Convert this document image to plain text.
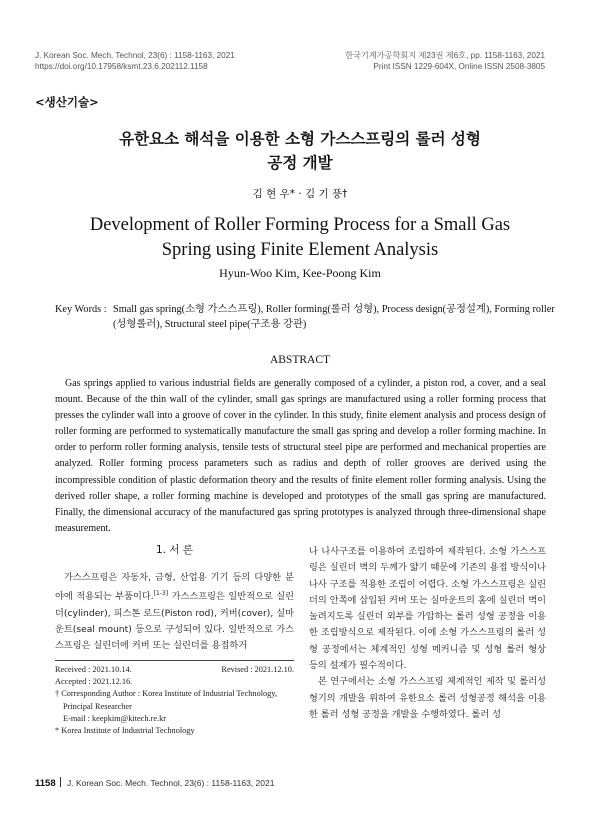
J. Korean Soc. Mech. Technol, 23(6) : 1158-1163, 2021
https://doi.org/10.17958/ksmt.23.6.202112.1158
한국기계가공학회지 제23권 제6호, pp. 1158-1163, 2021
Print ISSN 1229-604X, Online ISSN 2508-3805
<생산기술>
유한요소 해석을 이용한 소형 가스스프링의 롤러 성형
공정 개발
김 현 우* · 김 기 풍†
Development of Roller Forming Process for a Small Gas
Spring using Finite Element Analysis
Hyun-Woo Kim, Kee-Poong Kim
Key Words : Small gas spring(소형 가스스프링), Roller forming(롤러 성형), Process design(공정설계), Forming roller (성형롤러), Structural steel pipe(구조용 강관)
ABSTRACT
Gas springs applied to various industrial fields are generally composed of a cylinder, a piston rod, a cover, and a seal mount. Because of the thin wall of the cylinder, small gas springs are manufactured using a roller forming process that presses the cylinder wall into a groove of cover in the cylinder. In this study, finite element analysis and process design of roller forming are performed to systematically manufacture the small gas spring and develop a roller forming machine. In order to perform roller forming analysis, tensile tests of structural steel pipe are performed and mechanical properties are analyzed. Roller forming process parameters such as radius and depth of roller grooves are derived using the incompressible condition of plastic deformation theory and the results of finite element roller forming analysis. Using the derived roller shape, a roller forming machine is developed and prototypes of the small gas spring are manufactured. Finally, the dimensional accuracy of the manufactured gas spring prototypes is analyzed through three-dimensional shape measurement.
1. 서 론

가스스프링은 자동차, 금형, 산업용 기기 등의 다양한 분야에 적용되는 부품이다.[1-3] 가스스프링은 일반적으로 실린더(cylinder), 피스톤 로드(Piston rod), 커버(cover), 실마운트(seal mount) 등으로 구성되어 있다. 일반적으로 가스스프링은 실린더에 커버 또는 실린더를 용접하거

Received : 2021.10.14.	Revised : 2021.12.10.
Accepted : 2021.12.16.
† Corresponding Author : Korea Institute of Industrial Technology,
Principal Researcher
E-mail : keepkim@kitech.re.kr
* Korea Institute of Industrial Technology

나 나사구조를 이용하여 조립하여 제작된다. 소형 가스스프링은 실린더 벽의 두께가 얇기 때문에 기존의 용접 방식이나 나사 구조를 적용한 조립이 어렵다. 소형 가스스프링은 실린더의 안쪽에 삽입된 커버 또는 실마운트의 홈에 실린더 벽이 눌려지도록 실린더 외부를 가압하는 롤러 성형 공정을 이용한 조립방식으로 제작된다. 이에 소형 가스스프링의 롤러 성형 공정에서는 체계적인 성형 메커니즘 및 성형 롤러 형상 등의 설계가 필수적이다.

본 연구에서는 소형 가스스프링 체계적인 제작 및 롤러성형기의 개발을 위하여 유한요소 롤러 성형공정 해석을 이용한 롤러 성형 공정을 개발을 수행하였다. 롤러 성

1158 J. Korean Soc. Mech. Technol, 23(6) : 1158-1163, 2021
